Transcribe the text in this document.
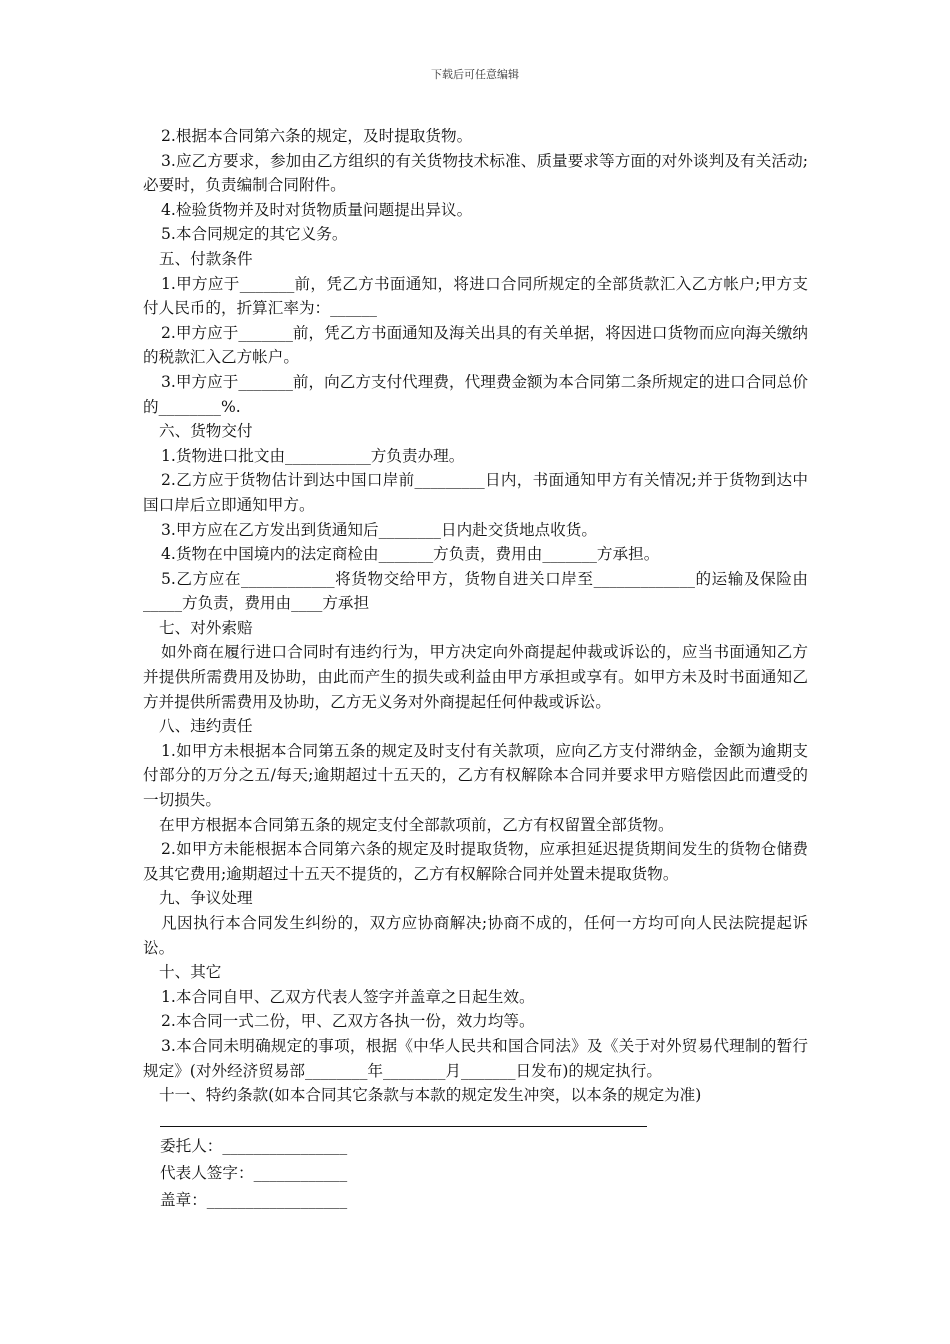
下载后可任意编辑

2.根据本合同第六条的规定，及时提取货物。

3.应乙方要求，参加由乙方组织的有关货物技术标准、质量要求等方面的对外谈判及有关活动;必要时，负责编制合同附件。

4.检验货物并及时对货物质量问题提出异议。

5.本合同规定的其它义务。

五、付款条件

1.甲方应于_______前，凭乙方书面通知，将进口合同所规定的全部货款汇入乙方帐户;甲方支付人民币的，折算汇率为：______

2.甲方应于_______前，凭乙方书面通知及海关出具的有关单据，将因进口货物而应向海关缴纳的税款汇入乙方帐户。

3.甲方应于_______前，向乙方支付代理费，代理费金额为本合同第二条所规定的进口合同总价的________%.

六、货物交付

1.货物进口批文由___________方负责办理。

2.乙方应于货物估计到达中国口岸前_________日内，书面通知甲方有关情况;并于货物到达中国口岸后立即通知甲方。

3.甲方应在乙方发出到货通知后________日内赴交货地点收货。

4.货物在中国境内的法定商检由_______方负责，费用由_______方承担。

5.乙方应在____________将货物交给甲方，货物自进关口岸至_____________的运输及保险由_____方负责，费用由____方承担

七、对外索赔

如外商在履行进口合同时有违约行为，甲方决定向外商提起仲裁或诉讼的，应当书面通知乙方并提供所需费用及协助，由此而产生的损失或利益由甲方承担或享有。如甲方未及时书面通知乙方并提供所需费用及协助，乙方无义务对外商提起任何仲裁或诉讼。

八、违约责任

1.如甲方未根据本合同第五条的规定及时支付有关款项，应向乙方支付滞纳金，金额为逾期支付部分的万分之五/每天;逾期超过十五天的，乙方有权解除本合同并要求甲方赔偿因此而遭受的一切损失。

在甲方根据本合同第五条的规定支付全部款项前，乙方有权留置全部货物。

2.如甲方未能根据本合同第六条的规定及时提取货物，应承担延迟提货期间发生的货物仓储费及其它费用;逾期超过十五天不提货的，乙方有权解除合同并处置未提取货物。

九、争议处理

凡因执行本合同发生纠纷的，双方应协商解决;协商不成的，任何一方均可向人民法院提起诉讼。

十、其它

1.本合同自甲、乙双方代表人签字并盖章之日起生效。

2.本合同一式二份，甲、乙双方各执一份，效力均等。

3.本合同未明确规定的事项，根据《中华人民共和国合同法》及《关于对外贸易代理制的暂行规定》(对外经济贸易部________年________月_______日发布)的规定执行。

十一、特约条款(如本合同其它条款与本款的规定发生冲突，以本条的规定为准)

委托人：________________

代表人签字：____________

盖章：__________________
